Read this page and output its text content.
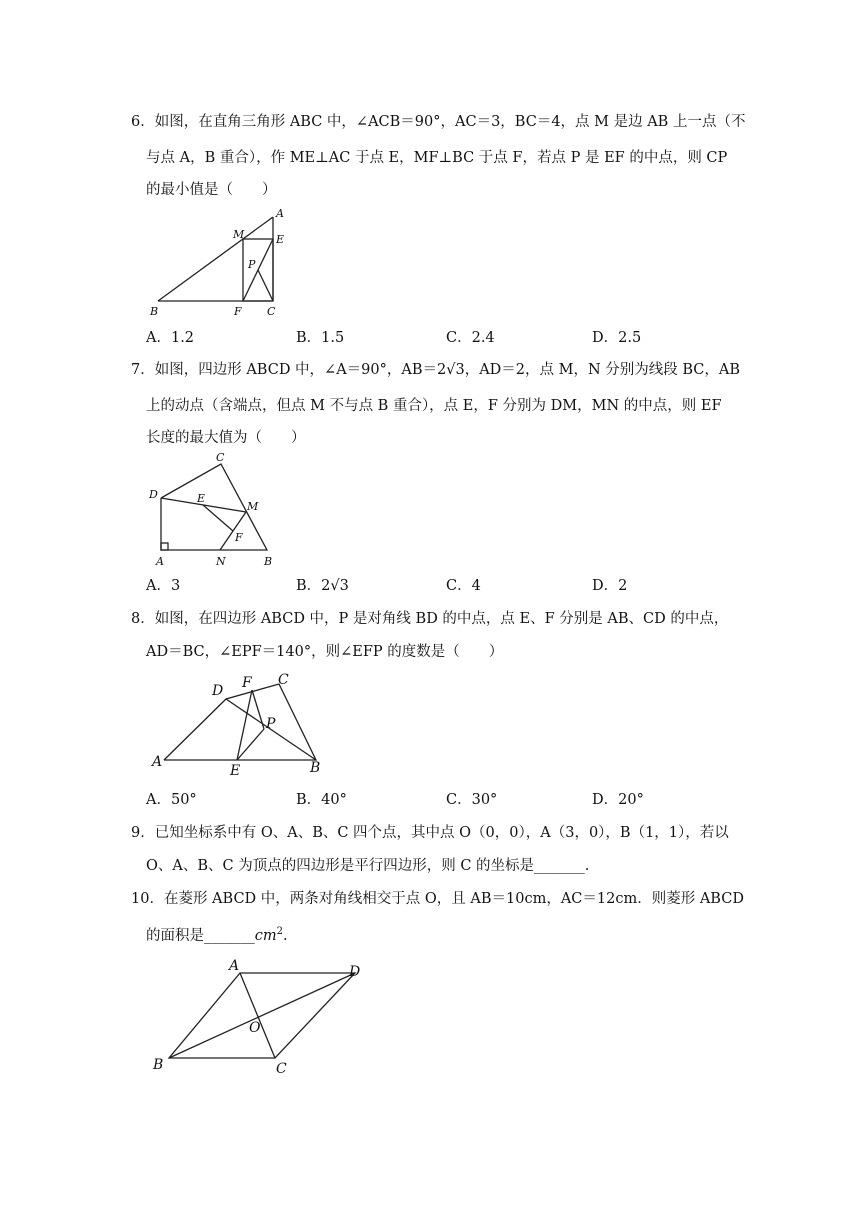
6．如图，在直角三角形 ABC 中，∠ACB＝90°，AC＝3，BC＝4，点 M 是边 AB 上一点（不
与点 A，B 重合），作 ME⊥AC 于点 E，MF⊥BC 于点 F，若点 P 是 EF 的中点，则 CP
的最小值是（　　）
A
B	C
M	E
F
P
A．1.2	B．1.5	C．2.4	D．2.5
7．如图，四边形 ABCD 中，∠A＝90°，AB＝2√3，AD＝2，点 M，N 分别为线段 BC，AB
上的动点（含端点，但点 M 不与点 B 重合），点 E，F 分别为 DM，MN 的中点，则 EF
长度的最大值为（　　）
C
D	E
M
F
A	N	B
A．3	B．2√3	C．4	D．2
8．如图，在四边形 ABCD 中，P 是对角线 BD 的中点，点 E、F 分别是 AB、CD 的中点，
AD＝BC，∠EPF＝140°，则∠EFP 的度数是（　　）
D F C
P
A
E	B
A．50°	B．40°	C．30°	D．20°
9．已知坐标系中有 O、A、B、C 四个点，其中点 O（0，0），A（3，0），B（1，1），若以
O、A、B、C 为顶点的四边形是平行四边形，则 C 的坐标是_______.
10．在菱形 ABCD 中，两条对角线相交于点 O，且 AB＝10cm，AC＝12cm．则菱形 ABCD
的面积是$\_\_\_\_\_\_\_cm^2$.
A	D
O
B	C
